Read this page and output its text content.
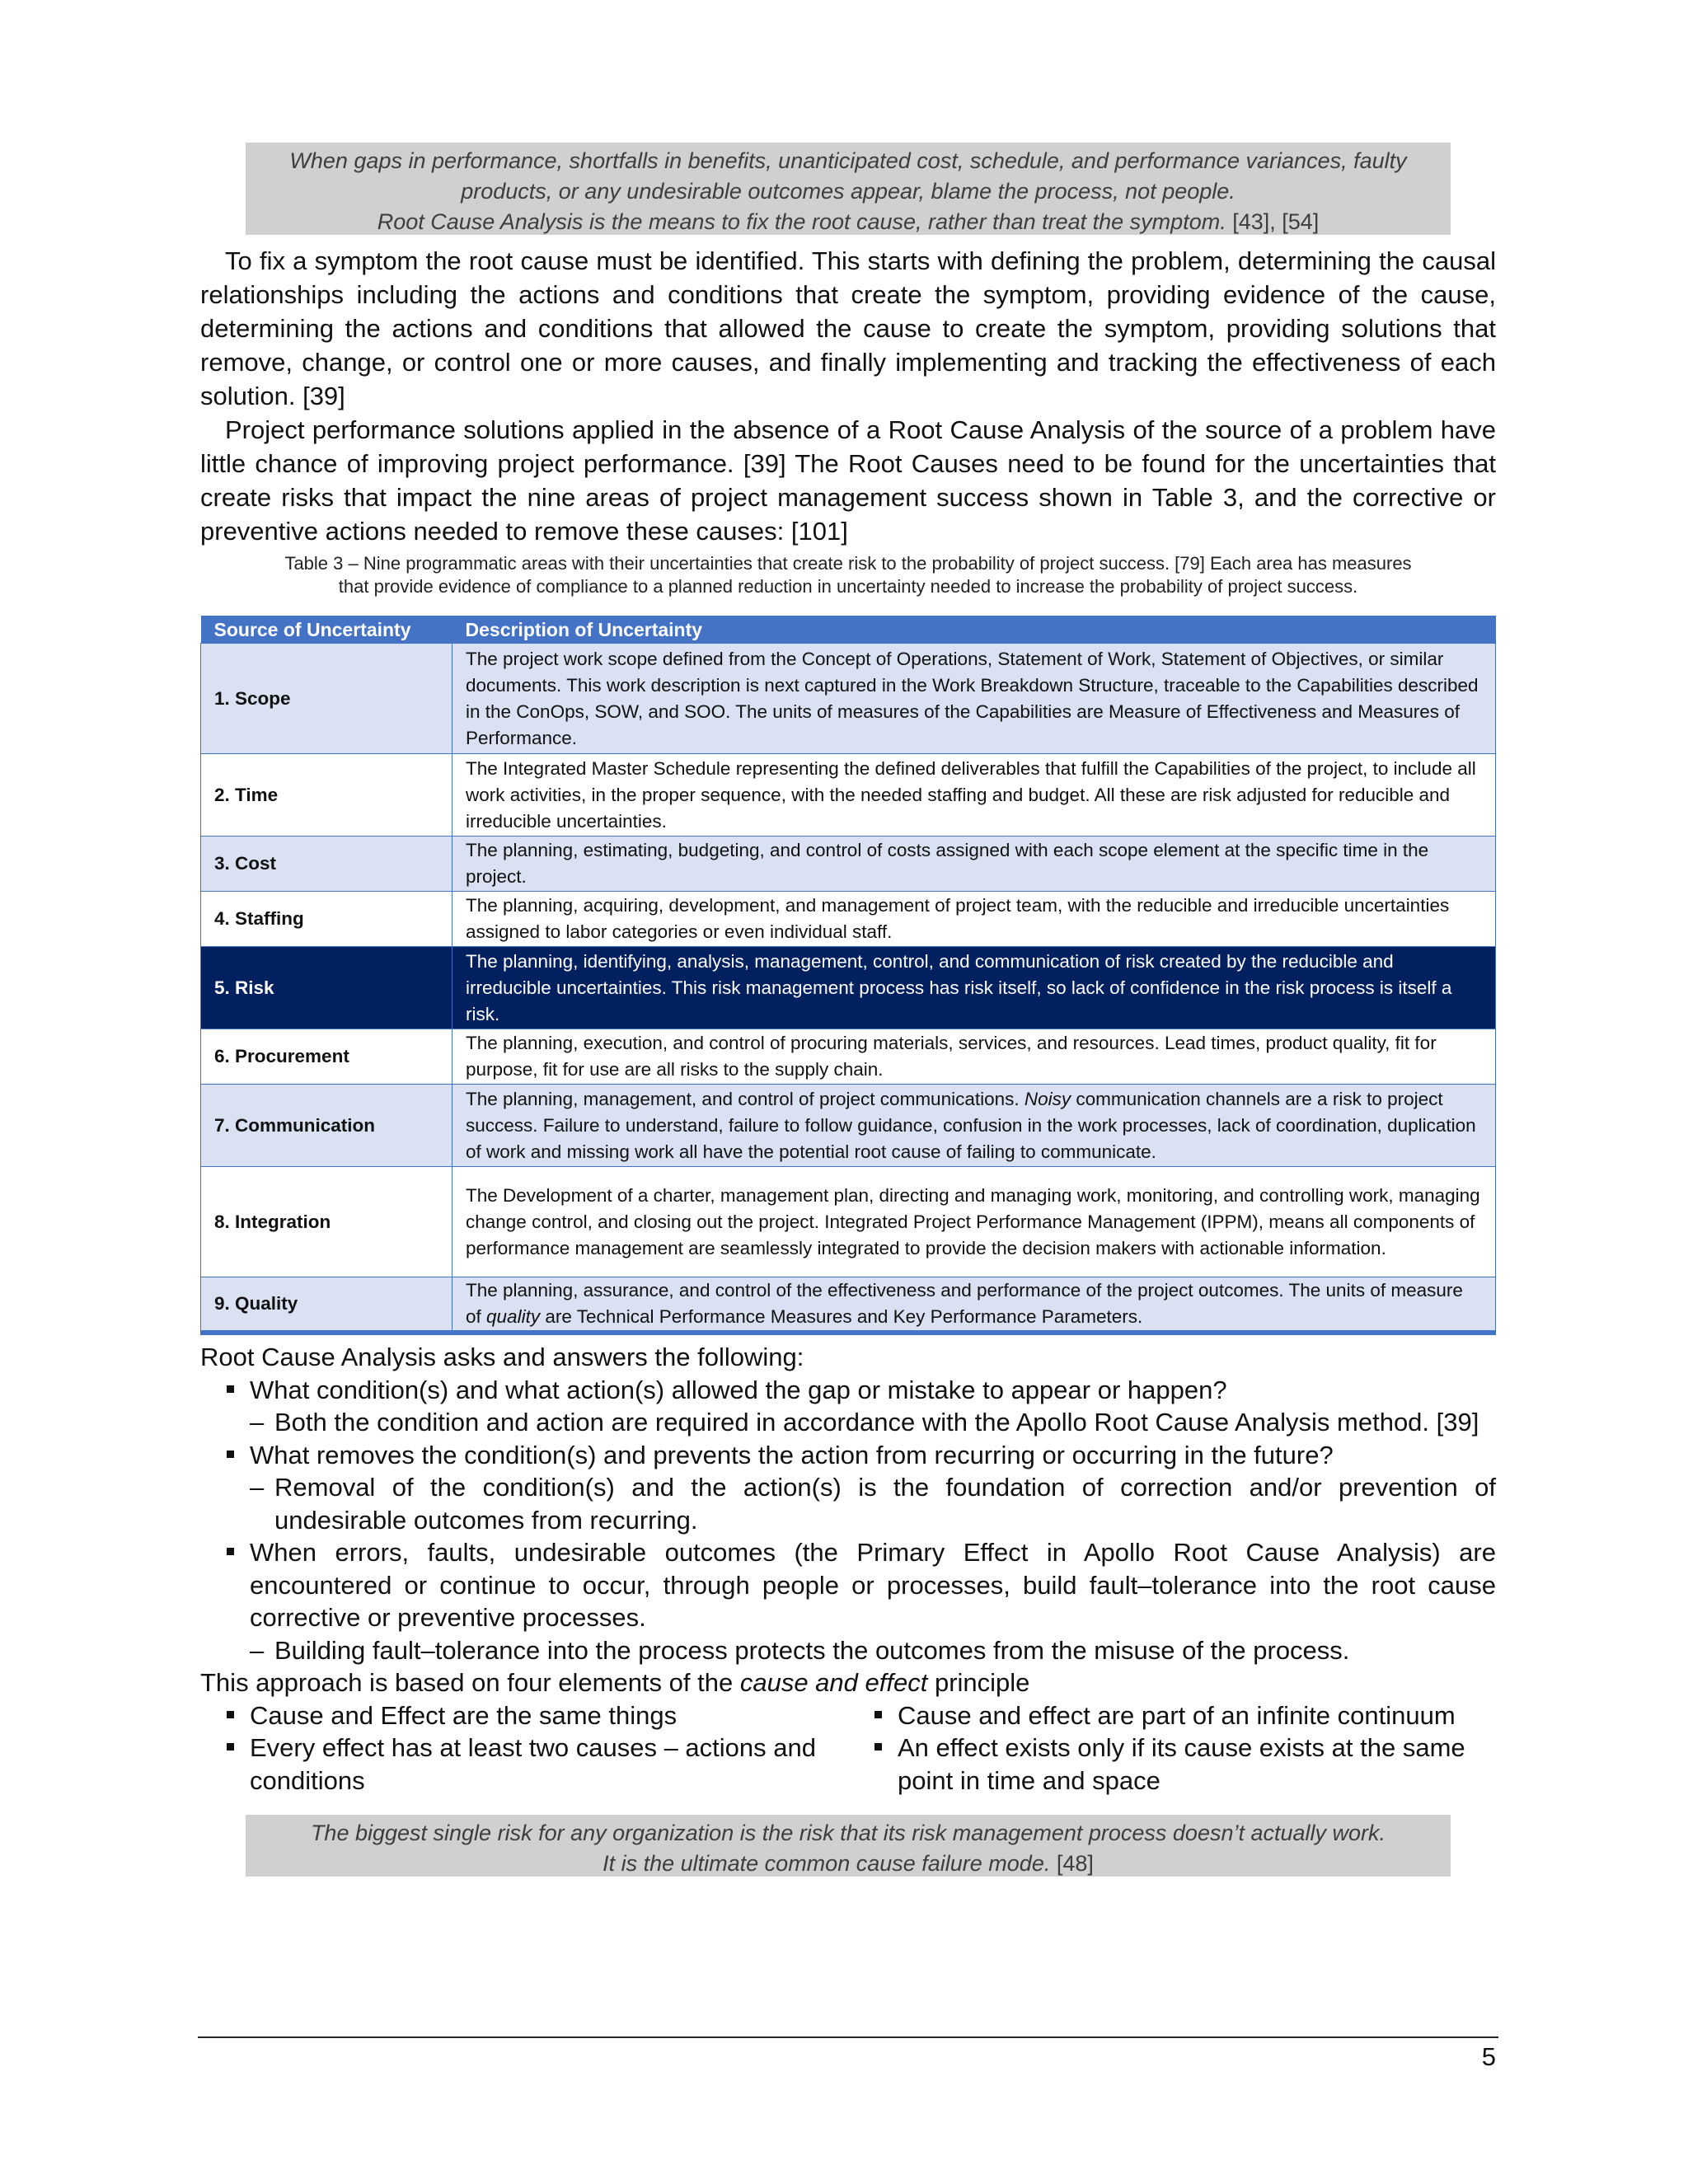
When gaps in performance, shortfalls in benefits, unanticipated cost, schedule, and performance variances, faulty
products, or any undesirable outcomes appear, blame the process, not people.
Root Cause Analysis is the means to fix the root cause, rather than treat the symptom. [43], [54]

To fix a symptom the root cause must be identified. This starts with defining the problem, determining the causal relationships including the actions and conditions that create the symptom, providing evidence of the cause, determining the actions and conditions that allowed the cause to create the symptom, providing solutions that remove, change, or control one or more causes, and finally implementing and tracking the effectiveness of each solution. [39]

Project performance solutions applied in the absence of a Root Cause Analysis of the source of a problem have little chance of improving project performance. [39] The Root Causes need to be found for the uncertainties that create risks that impact the nine areas of project management success shown in Table 3, and the corrective or preventive actions needed to remove these causes: [101]

Table 3 – Nine programmatic areas with their uncertainties that create risk to the probability of project success. [79] Each area has measures
that provide evidence of compliance to a planned reduction in uncertainty needed to increase the probability of project success.
Source of Uncertainty	Description of Uncertainty
1. Scope	The project work scope defined from the Concept of Operations, Statement of Work, Statement of Objectives, or similar documents. This work description is next captured in the Work Breakdown Structure, traceable to the Capabilities described in the ConOps, SOW, and SOO. The units of measures of the Capabilities are Measure of Effectiveness and Measures of Performance.
2. Time	The Integrated Master Schedule representing the defined deliverables that fulfill the Capabilities of the project, to include all work activities, in the proper sequence, with the needed staffing and budget. All these are risk adjusted for reducible and irreducible uncertainties.
3. Cost	The planning, estimating, budgeting, and control of costs assigned with each scope element at the specific time in the project.
4. Staffing	The planning, acquiring, development, and management of project team, with the reducible and irreducible uncertainties assigned to labor categories or even individual staff.
5. Risk	The planning, identifying, analysis, management, control, and communication of risk created by the reducible and irreducible uncertainties. This risk management process has risk itself, so lack of confidence in the risk process is itself a risk.
6. Procurement	The planning, execution, and control of procuring materials, services, and resources. Lead times, product quality, fit for purpose, fit for use are all risks to the supply chain.
7. Communication	The planning, management, and control of project communications. Noisy communication channels are a risk to project success. Failure to understand, failure to follow guidance, confusion in the work processes, lack of coordination, duplication of work and missing work all have the potential root cause of failing to communicate.
8. Integration	The Development of a charter, management plan, directing and managing work, monitoring, and controlling work, managing change control, and closing out the project. Integrated Project Performance Management (IPPM), means all components of performance management are seamlessly integrated to provide the decision makers with actionable information.
9. Quality	The planning, assurance, and control of the effectiveness and performance of the project outcomes. The units of measure of quality are Technical Performance Measures and Key Performance Parameters.
Root Cause Analysis asks and answers the following:
What condition(s) and what action(s) allowed the gap or mistake to appear or happen?
– Both the condition and action are required in accordance with the Apollo Root Cause Analysis method. [39]
What removes the condition(s) and prevents the action from recurring or occurring in the future?
– Removal of the condition(s) and the action(s) is the foundation of correction and/or prevention of undesirable outcomes from recurring.
When errors, faults, undesirable outcomes (the Primary Effect in Apollo Root Cause Analysis) are encountered or continue to occur, through people or processes, build fault–tolerance into the root cause corrective or preventive processes.
– Building fault–tolerance into the process protects the outcomes from the misuse of the process.
This approach is based on four elements of the cause and effect principle
Cause and Effect are the same things
Every effect has at least two causes – actions and conditions
Cause and effect are part of an infinite continuum
An effect exists only if its cause exists at the same point in time and space
The biggest single risk for any organization is the risk that its risk management process doesn’t actually work.
It is the ultimate common cause failure mode. [48]
5
